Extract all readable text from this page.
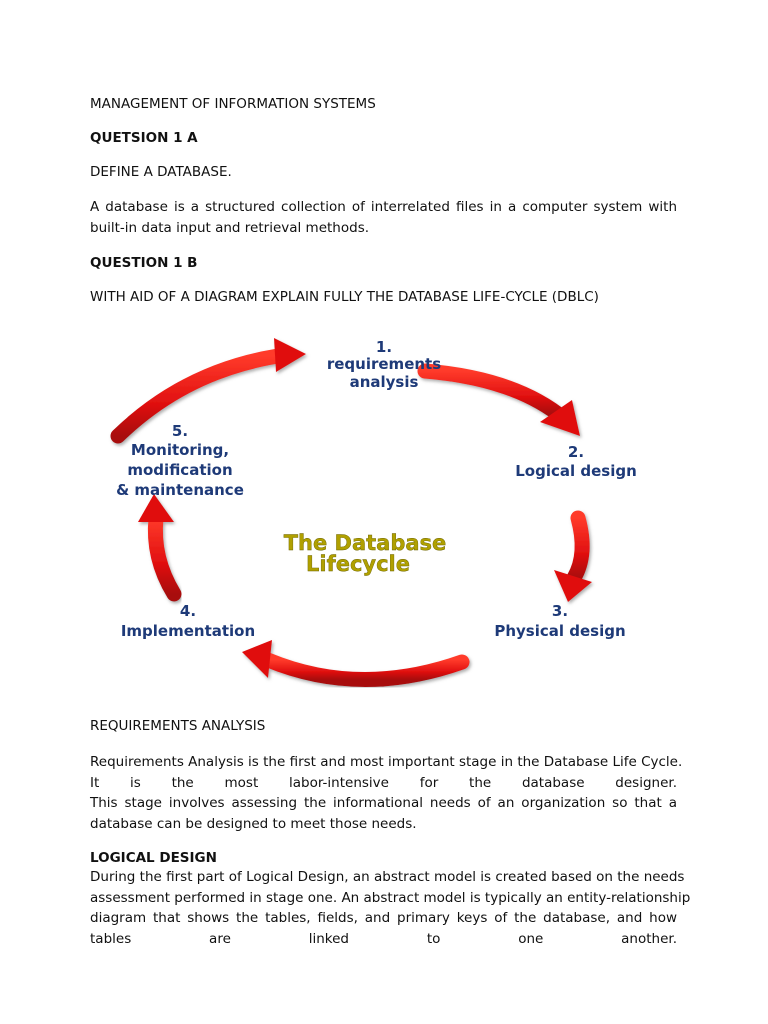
MANAGEMENT OF INFORMATION SYSTEMS

QUETSION 1 A

DEFINE A DATABASE.

A database is a structured collection of interrelated files in a computer system with
built-in data input and retrieval methods.

QUESTION 1 B

WITH AID OF A DIAGRAM EXPLAIN FULLY THE DATABASE LIFE-CYCLE (DBLC)

REQUIREMENTS ANALYSIS

Requirements Analysis is the first and most important stage in the Database Life Cycle.
It is the most labor-intensive for the database designer.
This stage involves assessing the informational needs of an organization so that a
database can be designed to meet those needs.

LOGICAL DESIGN

During the first part of Logical Design, an abstract model is created based on the needs
assessment performed in stage one. An abstract model is typically an entity-relationship
diagram that shows the tables, fields, and primary keys of the database, and how
tables are linked to one another.
1.
requirements
analysis
2.
Logical design
3.
Physical design
4.
Implementation
5.
Monitoring,
modification
& maintenance
The Database
Lifecycle
